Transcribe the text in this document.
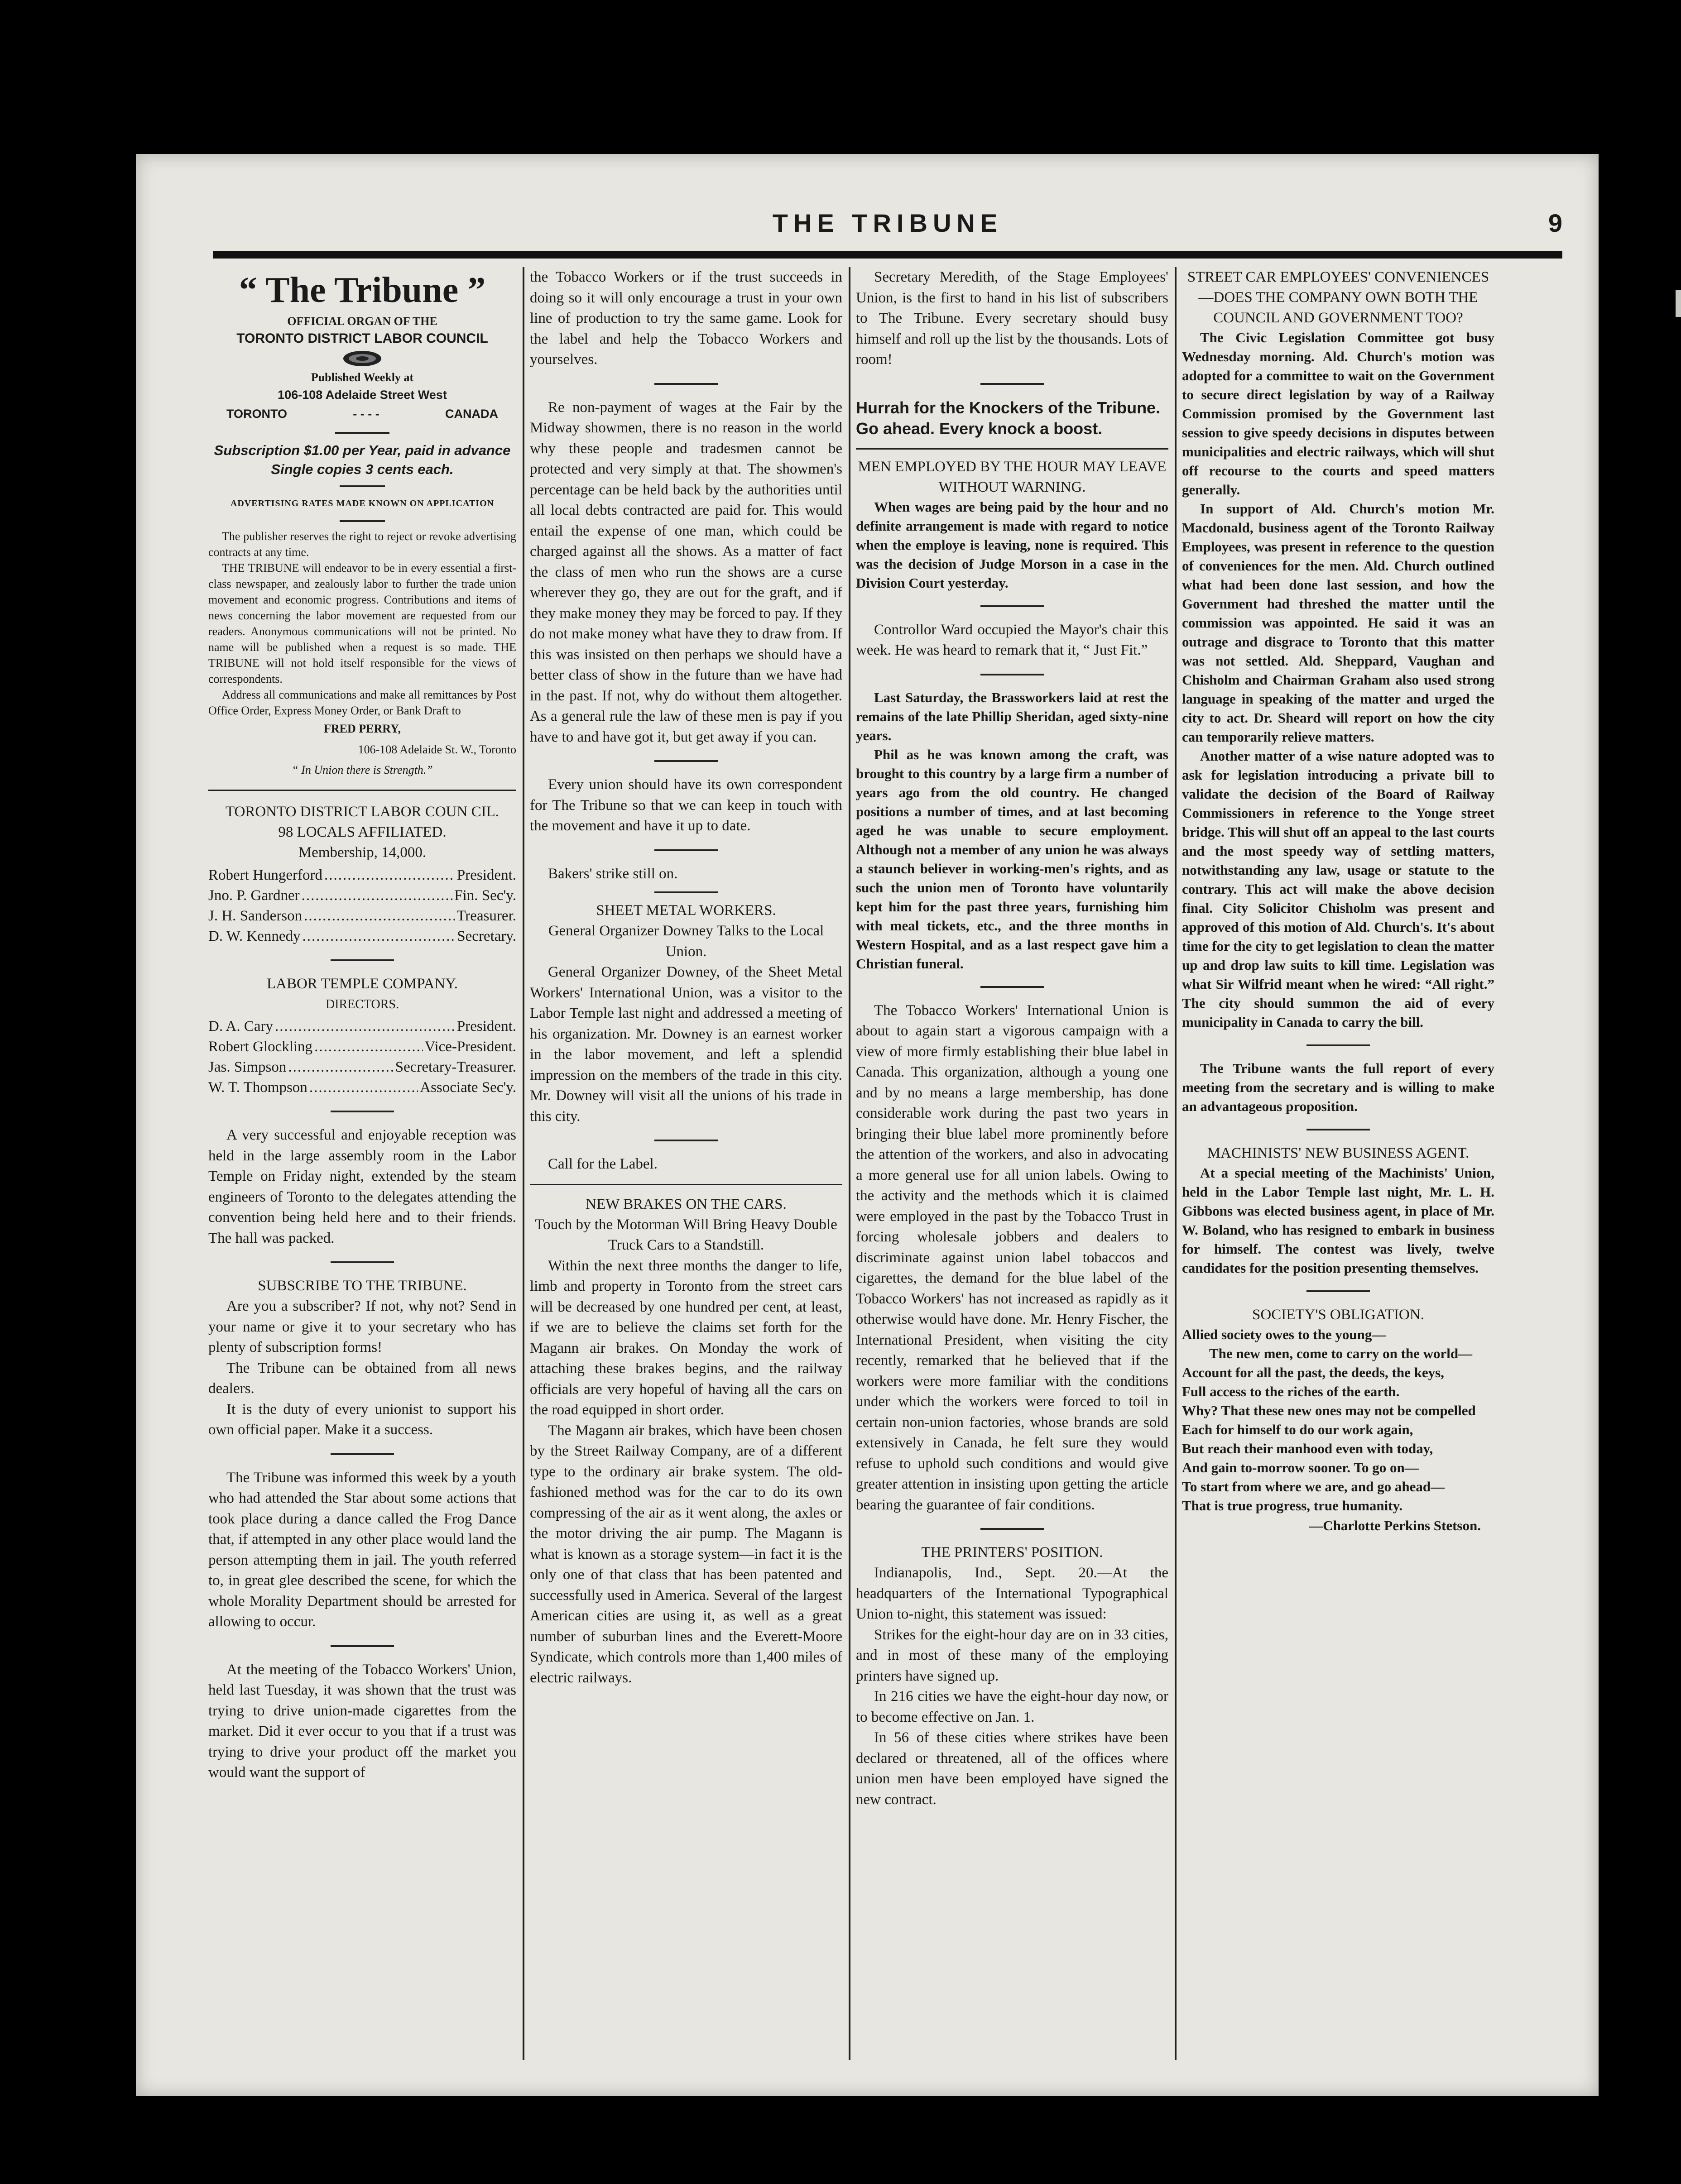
THE TRIBUNE	9
“ The Tribune ”
OFFICIAL ORGAN OF THE
TORONTO DISTRICT LABOR COUNCIL
Published Weekly at
106-108 Adelaide Street West
TORONTO	- - - -	CANADA
Subscription $1.00 per Year, paid in advance
Single copies 3 cents each.
ADVERTISING RATES MADE KNOWN ON APPLICATION

The publisher reserves the right to reject or revoke advertising contracts at any time.

THE TRIBUNE will endeavor to be in every essential a first-class newspaper, and zealously labor to further the trade union movement and economic progress. Contributions and items of news concerning the labor movement are requested from our readers. Anonymous communications will not be printed. No name will be published when a request is so made. THE TRIBUNE will not hold itself responsible for the views of correspondents.

Address all communications and make all remittances by Post Office Order, Express Money Order, or Bank Draft to

FRED PERRY,
106-108 Adelaide St. W., Toronto
“ In Union there is Strength.”
TORONTO DISTRICT LABOR COUN CIL.
98 LOCALS AFFILIATED.
Membership, 14,000.
Robert Hungerford .....	President.
Jno. P. Gardner .....	Fin. Sec'y.
J. H. Sanderson .....	Treasurer.
D. W. Kennedy .....	Secretary.
LABOR TEMPLE COMPANY.
DIRECTORS.
D. A. Cary .....	President.
Robert Glockling .....	Vice-President.
Jas. Simpson .....	Secretary-Treasurer.
W. T. Thompson .....	Associate Sec'y.

A very successful and enjoyable reception was held in the large assembly room in the Labor Temple on Friday night, extended by the steam engineers of Toronto to the delegates attending the convention being held here and to their friends. The hall was packed.

SUBSCRIBE TO THE TRIBUNE.

Are you a subscriber? If not, why not? Send in your name or give it to your secretary who has plenty of subscription forms!

The Tribune can be obtained from all news dealers.

It is the duty of every unionist to support his own official paper. Make it a success.

The Tribune was informed this week by a youth who had attended the Star about some actions that took place during a dance called the Frog Dance that, if attempted in any other place would land the person attempting them in jail. The youth referred to, in great glee described the scene, for which the whole Morality Department should be arrested for allowing to occur.

At the meeting of the Tobacco Workers' Union, held last Tuesday, it was shown that the trust was trying to drive union-made cigarettes from the market. Did it ever occur to you that if a trust was trying to drive your product off the market you would want the support of

the Tobacco Workers or if the trust succeeds in doing so it will only encourage a trust in your own line of production to try the same game. Look for the label and help the Tobacco Workers and yourselves.

Re non-payment of wages at the Fair by the Midway showmen, there is no reason in the world why these people and tradesmen cannot be protected and very simply at that. The showmen's percentage can be held back by the authorities until all local debts contracted are paid for. This would entail the expense of one man, which could be charged against all the shows. As a matter of fact the class of men who run the shows are a curse wherever they go, they are out for the graft, and if they make money they may be forced to pay. If they do not make money what have they to draw from. If this was insisted on then perhaps we should have a better class of show in the future than we have had in the past. If not, why do without them altogether. As a general rule the law of these men is pay if you have to and have got it, but get away if you can.

Every union should have its own correspondent for The Tribune so that we can keep in touch with the movement and have it up to date.

Bakers' strike still on.

SHEET METAL WORKERS.
General Organizer Downey Talks to the Local Union.

General Organizer Downey, of the Sheet Metal Workers' International Union, was a visitor to the Labor Temple last night and addressed a meeting of his organization. Mr. Downey is an earnest worker in the labor movement, and left a splendid impression on the members of the trade in this city. Mr. Downey will visit all the unions of his trade in this city.

Call for the Label.

NEW BRAKES ON THE CARS.
Touch by the Motorman Will Bring Heavy Double Truck Cars to a Standstill.

Within the next three months the danger to life, limb and property in Toronto from the street cars will be decreased by one hundred per cent, at least, if we are to believe the claims set forth for the Magann air brakes. On Monday the work of attaching these brakes begins, and the railway officials are very hopeful of having all the cars on the road equipped in short order.

The Magann air brakes, which have been chosen by the Street Railway Company, are of a different type to the ordinary air brake system. The old-fashioned method was for the car to do its own compressing of the air as it went along, the axles or the motor driving the air pump. The Magann is what is known as a storage system—in fact it is the only one of that class that has been patented and successfully used in America. Several of the largest American cities are using it, as well as a great number of suburban lines and the Everett-Moore Syndicate, which controls more than 1,400 miles of electric railways.

Secretary Meredith, of the Stage Employees' Union, is the first to hand in his list of subscribers to The Tribune. Every secretary should busy himself and roll up the list by the thousands. Lots of room!

Hurrah for the Knockers of the Tribune. Go ahead. Every knock a boost.

MEN EMPLOYED BY THE HOUR MAY LEAVE WITHOUT WARNING.

When wages are being paid by the hour and no definite arrangement is made with regard to notice when the employe is leaving, none is required. This was the decision of Judge Morson in a case in the Division Court yesterday.

Controllor Ward occupied the Mayor's chair this week. He was heard to remark that it, “ Just Fit.”

Last Saturday, the Brassworkers laid at rest the remains of the late Phillip Sheridan, aged sixty-nine years.

Phil as he was known among the craft, was brought to this country by a large firm a number of years ago from the old country. He changed positions a number of times, and at last becoming aged he was unable to secure employment. Although not a member of any union he was always a staunch believer in working-men's rights, and as such the union men of Toronto have voluntarily kept him for the past three years, furnishing him with meal tickets, etc., and the three months in Western Hospital, and as a last respect gave him a Christian funeral.

The Tobacco Workers' International Union is about to again start a vigorous campaign with a view of more firmly establishing their blue label in Canada. This organization, although a young one and by no means a large membership, has done considerable work during the past two years in bringing their blue label more prominently before the attention of the workers, and also in advocating a more general use for all union labels. Owing to the activity and the methods which it is claimed were employed in the past by the Tobacco Trust in forcing wholesale jobbers and dealers to discriminate against union label tobaccos and cigarettes, the demand for the blue label of the Tobacco Workers' has not increased as rapidly as it otherwise would have done. Mr. Henry Fischer, the International President, when visiting the city recently, remarked that he believed that if the workers were more familiar with the conditions under which the workers were forced to toil in certain non-union factories, whose brands are sold extensively in Canada, he felt sure they would refuse to uphold such conditions and would give greater attention in insisting upon getting the article bearing the guarantee of fair conditions.

THE PRINTERS' POSITION.

Indianapolis, Ind., Sept. 20.—At the headquarters of the International Typographical Union to-night, this statement was issued:

Strikes for the eight-hour day are on in 33 cities, and in most of these many of the employing printers have signed up.

In 216 cities we have the eight-hour day now, or to become effective on Jan. 1.

In 56 of these cities where strikes have been declared or threatened, all of the offices where union men have been employed have signed the new contract.

STREET CAR EMPLOYEES' CONVENIENCES—DOES THE COMPANY OWN BOTH THE COUNCIL AND GOVERNMENT TOO?

The Civic Legislation Committee got busy Wednesday morning. Ald. Church's motion was adopted for a committee to wait on the Government to secure direct legislation by way of a Railway Commission promised by the Government last session to give speedy decisions in disputes between municipalities and electric railways, which will shut off recourse to the courts and speed matters generally.

In support of Ald. Church's motion Mr. Macdonald, business agent of the Toronto Railway Employees, was present in reference to the question of conveniences for the men. Ald. Church outlined what had been done last session, and how the Government had threshed the matter until the commission was appointed. He said it was an outrage and disgrace to Toronto that this matter was not settled. Ald. Sheppard, Vaughan and Chisholm and Chairman Graham also used strong language in speaking of the matter and urged the city to act. Dr. Sheard will report on how the city can temporarily relieve matters.

Another matter of a wise nature adopted was to ask for legislation introducing a private bill to validate the decision of the Board of Railway Commissioners in reference to the Yonge street bridge. This will shut off an appeal to the last courts and the most speedy way of settling matters, notwithstanding any law, usage or statute to the contrary. This act will make the above decision final. City Solicitor Chisholm was present and approved of this motion of Ald. Church's. It's about time for the city to get legislation to clean the matter up and drop law suits to kill time. Legislation was what Sir Wilfrid meant when he wired: “All right.” The city should summon the aid of every municipality in Canada to carry the bill.

The Tribune wants the full report of every meeting from the secretary and is willing to make an advantageous proposition.

MACHINISTS' NEW BUSINESS AGENT.

At a special meeting of the Machinists' Union, held in the Labor Temple last night, Mr. L. H. Gibbons was elected business agent, in place of Mr. W. Boland, who has resigned to embark in business for himself. The contest was lively, twelve candidates for the position presenting themselves.

SOCIETY'S OBLIGATION.

Allied society owes to the young—

The new men, come to carry on the world—

Account for all the past, the deeds, the keys,

Full access to the riches of the earth.

Why? That these new ones may not be compelled

Each for himself to do our work again,

But reach their manhood even with today,

And gain to-morrow sooner. To go on—

To start from where we are, and go ahead—

That is true progress, true humanity.

—Charlotte Perkins Stetson.
